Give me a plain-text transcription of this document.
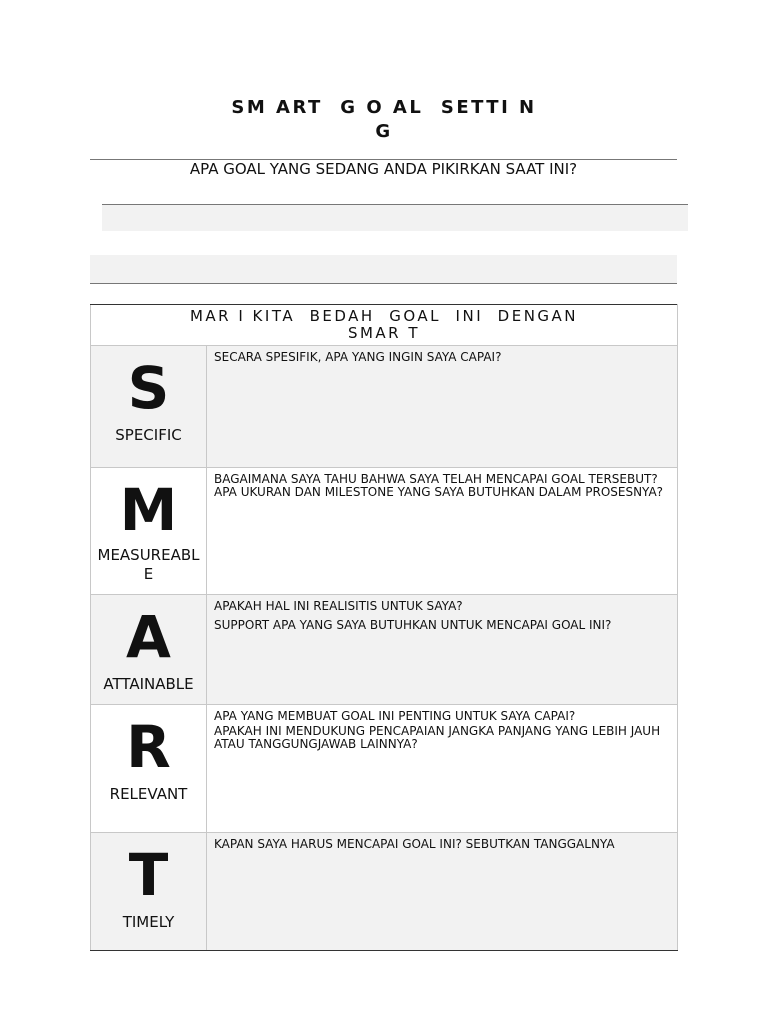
SM ART  G O AL  SETTI N
G
APA GOAL YANG SEDANG ANDA PIKIRKAN SAAT INI?
MAR I KITA  BEDAH  GOAL  INI  DENGAN
SMAR T	

S
SPECIFIC	SECARA SPESIFIK, APA YANG INGIN SAYA CAPAI?

M
MEASUREABLE	BAGAIMANA SAYA TAHU BAHWA SAYA TELAH MENCAPAI GOAL TERSEBUT? APA UKURAN DAN MILESTONE YANG SAYA BUTUHKAN DALAM PROSESNYA?

A
ATTAINABLE	APAKAH HAL INI REALISITIS UNTUK SAYA?
SUPPORT APA YANG SAYA BUTUHKAN UNTUK MENCAPAI GOAL INI?

R
RELEVANT	APA YANG MEMBUAT GOAL INI PENTING UNTUK SAYA CAPAI?
APAKAH INI MENDUKUNG PENCAPAIAN JANGKA PANJANG YANG LEBIH JAUH ATAU TANGGUNGJAWAB LAINNYA?

T
TIMELY	KAPAN SAYA HARUS MENCAPAI GOAL INI? SEBUTKAN TANGGALNYA
